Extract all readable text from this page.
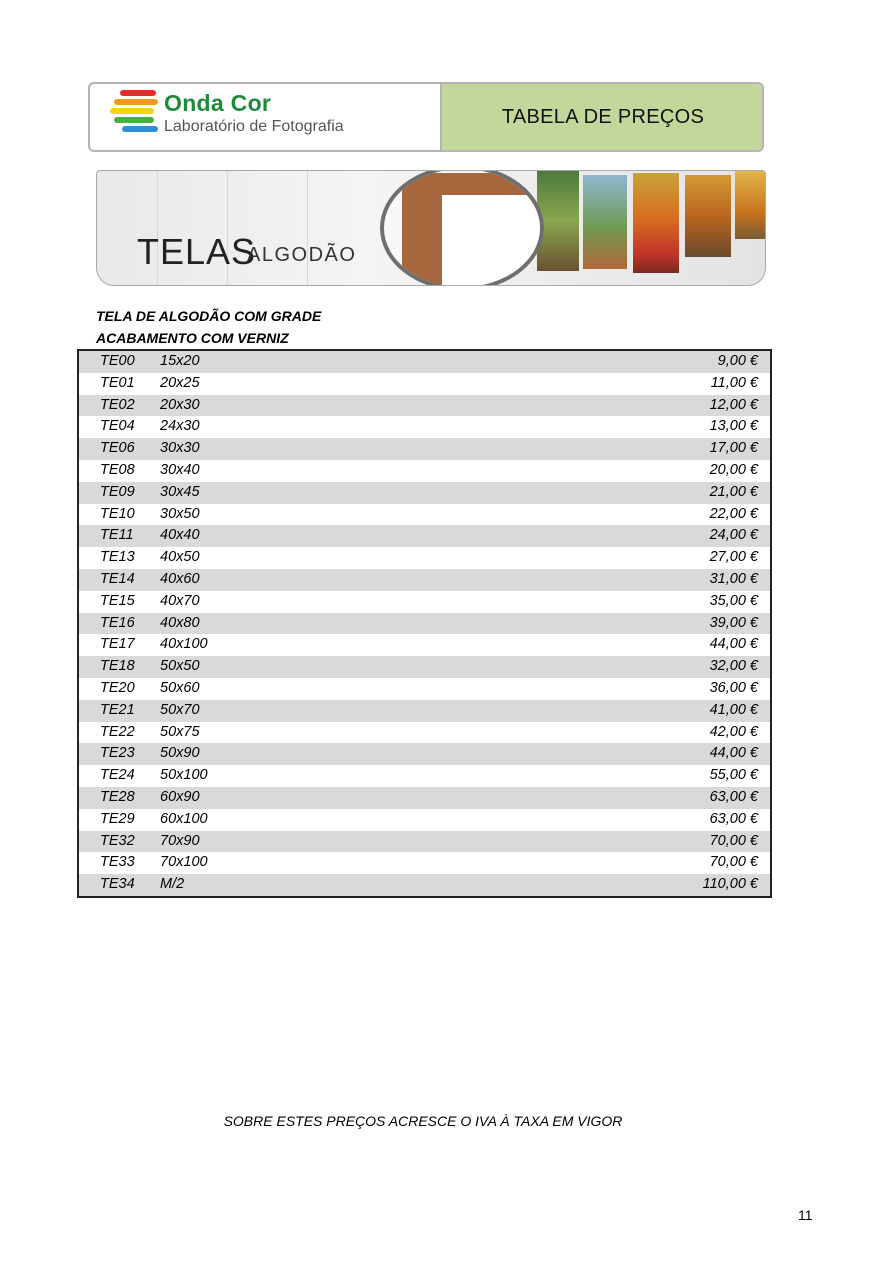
Onda Cor
Laboratório de Fotografia	TABELA DE PREÇOS
TELAS
ALGODÃO
TELA DE ALGODÃO COM GRADE
ACABAMENTO COM VERNIZ
TE00	15x20	9,00 €
TE01	20x25	11,00 €
TE02	20x30	12,00 €
TE04	24x30	13,00 €
TE06	30x30	17,00 €
TE08	30x40	20,00 €
TE09	30x45	21,00 €
TE10	30x50	22,00 €
TE11	40x40	24,00 €
TE13	40x50	27,00 €
TE14	40x60	31,00 €
TE15	40x70	35,00 €
TE16	40x80	39,00 €
TE17	40x100	44,00 €
TE18	50x50	32,00 €
TE20	50x60	36,00 €
TE21	50x70	41,00 €
TE22	50x75	42,00 €
TE23	50x90	44,00 €
TE24	50x100	55,00 €
TE28	60x90	63,00 €
TE29	60x100	63,00 €
TE32	70x90	70,00 €
TE33	70x100	70,00 €
TE34	M/2	110,00 €
SOBRE ESTES PREÇOS ACRESCE O IVA À TAXA EM VIGOR
11
